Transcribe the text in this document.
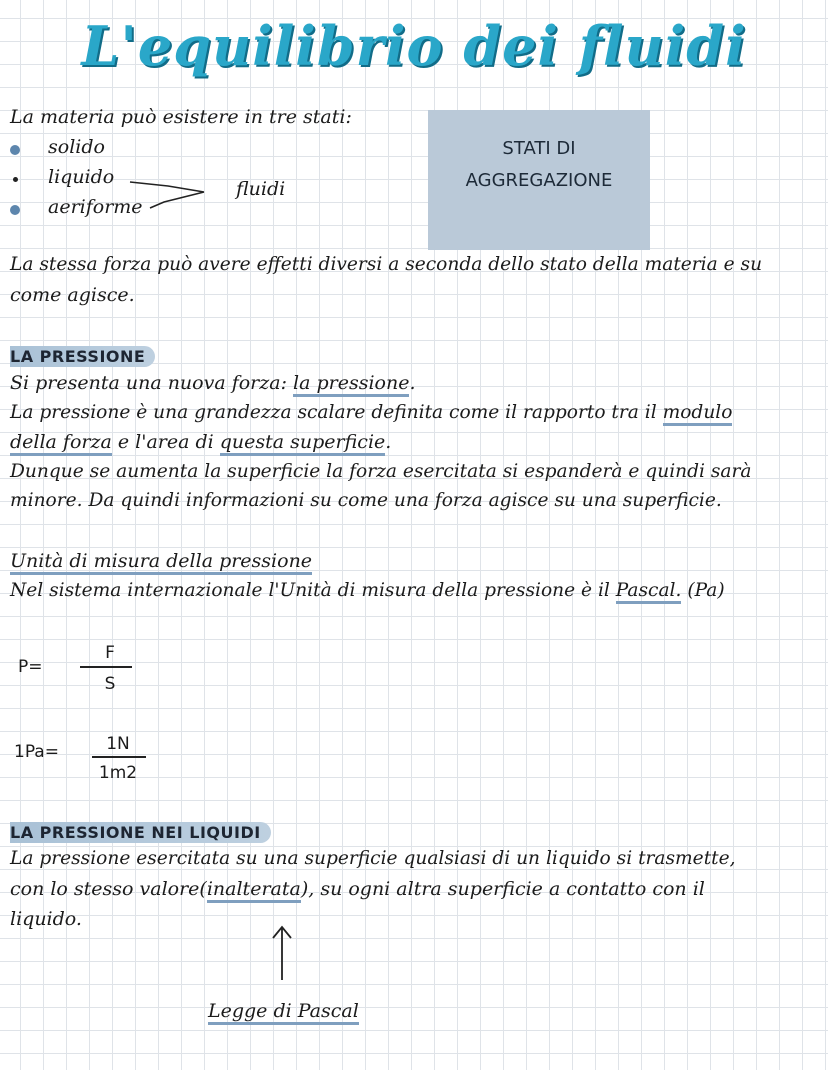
L'equilibrio dei fluidi
La materia può esistere in tre stati:
solido
liquido
aeriforme
fluidi
STATI DI
AGGREGAZIONE
La stessa forza può avere effetti diversi a seconda dello stato della materia e su
come agisce.
LA PRESSIONE
Si presenta una nuova forza: la pressione.
La pressione è una grandezza scalare definita come il rapporto tra il modulo
della forza e l'area di questa superficie.
Dunque se aumenta la superficie la forza esercitata si espanderà e quindi sarà
minore. Da quindi informazioni su come una forza agisce su una superficie.
Unità di misura della pressione
Nel sistema internazionale l'Unità di misura della pressione è il Pascal. (Pa)
P=
F
S
1Pa=	1N
1m2
LA PRESSIONE NEI LIQUIDI
La pressione esercitata su una superficie qualsiasi di un liquido si trasmette,
con lo stesso valore(inalterata), su ogni altra superficie a contatto con il
liquido.
Legge di Pascal
